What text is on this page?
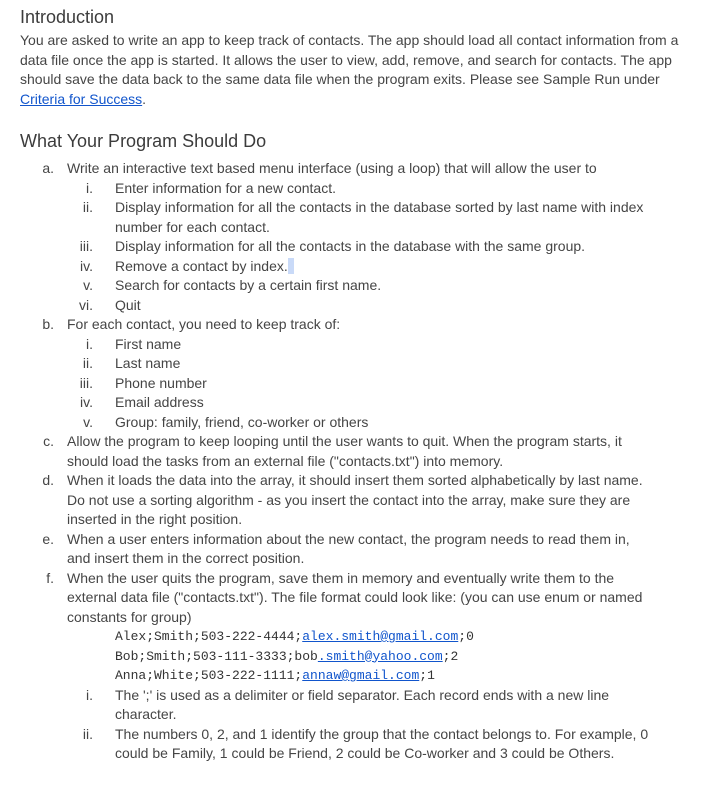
Introduction
You are asked to write an app to keep track of contacts. The app should load all contact information from a data file once the app is started. It allows the user to view, add, remove, and search for contacts. The app should save the data back to the same data file when the program exits. Please see Sample Run under Criteria for Success.
What Your Program Should Do
a. Write an interactive text based menu interface (using a loop) that will allow the user to
i. Enter information for a new contact.
ii. Display information for all the contacts in the database sorted by last name with index number for each contact.
iii. Display information for all the contacts in the database with the same group.
iv. Remove a contact by index.
v. Search for contacts by a certain first name.
vi. Quit
b. For each contact, you need to keep track of:
i. First name
ii. Last name
iii. Phone number
iv. Email address
v. Group: family, friend, co-worker or others
c. Allow the program to keep looping until the user wants to quit. When the program starts, it should load the tasks from an external file ("contacts.txt") into memory.
d. When it loads the data into the array, it should insert them sorted alphabetically by last name. Do not use a sorting algorithm - as you insert the contact into the array, make sure they are inserted in the right position.
e. When a user enters information about the new contact, the program needs to read them in, and insert them in the correct position.
f. When the user quits the program, save them in memory and eventually write them to the external data file ("contacts.txt"). The file format could look like: (you can use enum or named constants for group)
Alex;Smith;503-222-4444;alex.smith@gmail.com;0
Bob;Smith;503-111-3333;bob.smith@yahoo.com;2
Anna;White;503-222-1111;annaw@gmail.com;1
i. The ';' is used as a delimiter or field separator. Each record ends with a new line character.
ii. The numbers 0, 2, and 1 identify the group that the contact belongs to. For example, 0 could be Family, 1 could be Friend, 2 could be Co-worker and 3 could be Others.
